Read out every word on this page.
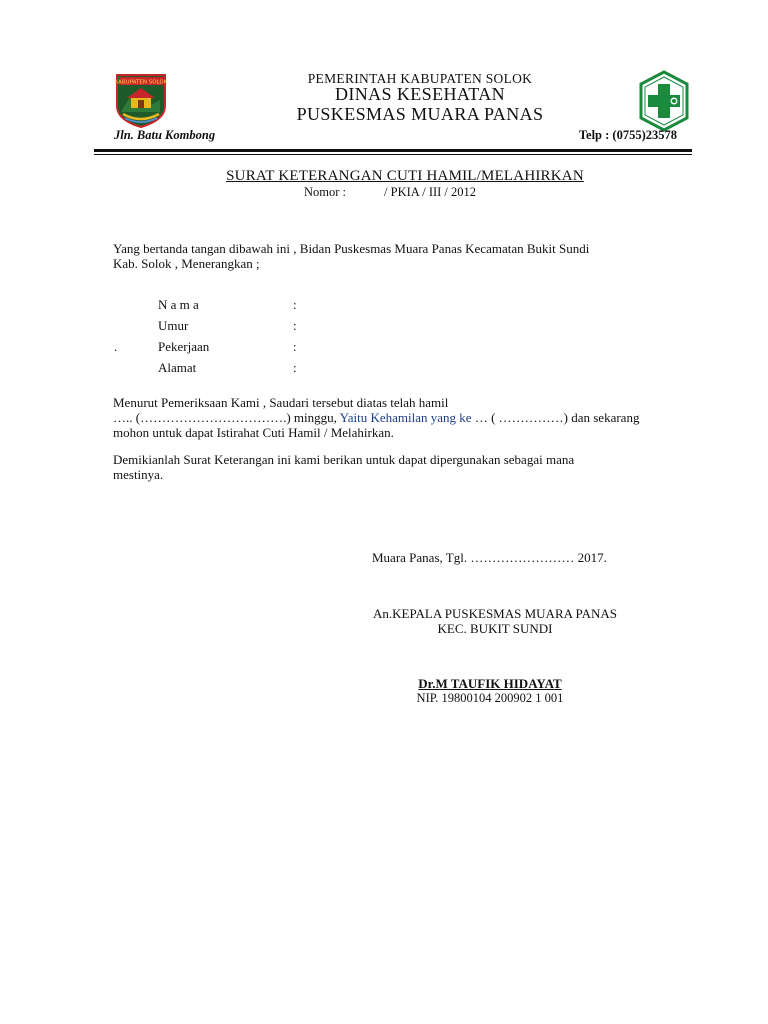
KABUPATEN SOLOK	PEMERINTAH KABUPATEN SOLOK
DINAS KESEHATAN
PUSKESMAS MUARA PANAS
Jln. Batu Kombong	Telp : (0755)23578
SURAT KETERANGAN CUTI HAMIL/MELAHIRKAN
Nomor :	/ PKIA / III / 2012
Yang bertanda tangan dibawah ini , Bidan Puskesmas Muara Panas Kecamatan Bukit Sundi
Kab. Solok , Menerangkan ;
N a m a	:
Umur	:
.	Pekerjaan	:
Alamat	:
Menurut Pemeriksaan Kami , Saudari tersebut diatas telah hamil
….. (…………………………….) minggu, Yaitu Kehamilan yang ke … ( ……………) dan sekarang
mohon untuk dapat Istirahat Cuti Hamil / Melahirkan.
Demikianlah Surat Keterangan ini kami berikan untuk dapat dipergunakan sebagai mana
mestinya.
Muara Panas, Tgl. …………………… 2017.
An.KEPALA PUSKESMAS MUARA PANAS
KEC. BUKIT SUNDI
Dr.M TAUFIK HIDAYAT
NIP. 19800104 200902 1 001
